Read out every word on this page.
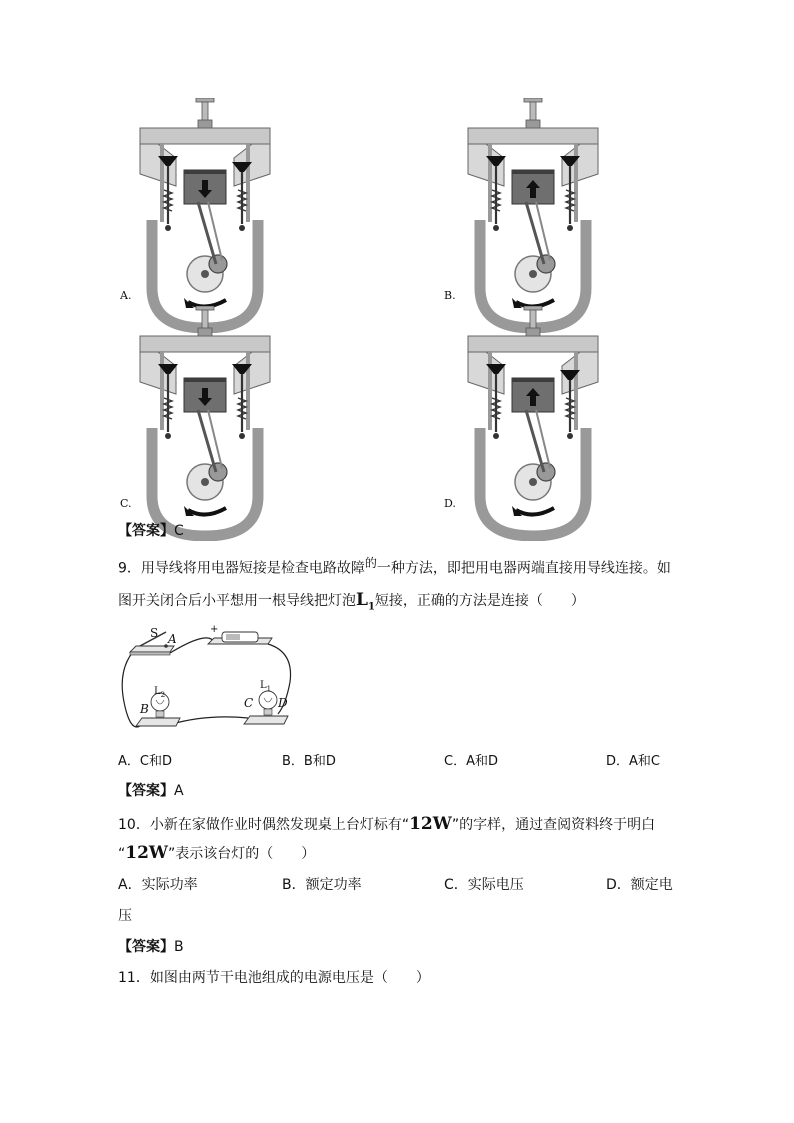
A.	B.
C.	D.
【答案】C
9．用导线将用电器短接是检查电路故障$^的$一种方法，即把用电器两端直接用导线连接。如
图开关闭合后小平想用一根导线把灯泡$L_1$短接，正确的方法是连接（　　）
S A
+
B
$L_2$
C
$L_1$
D
A．C和D	B．B和D	C．A和D	D．A和C
【答案】A
10．小新在家做作业时偶然发现桌上台灯标有“12W”的字样，通过查阅资料终于明白
“12W”表示该台灯的（　　）
A．实际功率	B．额定功率	C．实际电压	D．额定电
压
【答案】B
11．如图由两节干电池组成的电源电压是（　　）
